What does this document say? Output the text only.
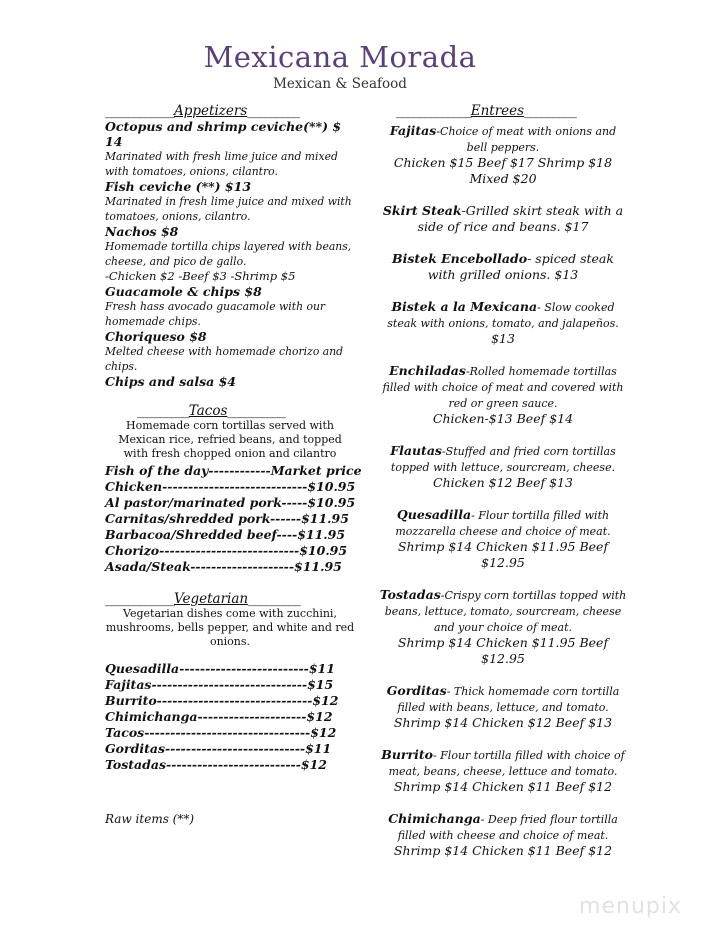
Mexicana Morada
Mexican & Seafood
____________Appetizers_________
Octopus and shrimp ceviche(**) $ 14
Marinated with fresh lime juice and mixed with tomatoes, onions, cilantro.
Fish ceviche (**) $13
Marinated in fresh lime juice and mixed with tomatoes, onions, cilantro.
Nachos $8
Homemade tortilla chips layered with beans, cheese, and pico de gallo.
-Chicken $2 -Beef $3 -Shrimp $5
Guacamole & chips $8
Fresh hass avocado guacamole with our homemade chips.
Choriqueso $8
Melted cheese with homemade chorizo and chips.
Chips and salsa $4
_________Tacos__________
Homemade corn tortillas served with Mexican rice, refried beans, and topped with fresh chopped onion and cilantro
Fish of the day------------Market price
Chicken----------------------------$10.95
Al pastor/marinated pork-----$10.95
Carnitas/shredded pork------$11.95
Barbacoa/Shredded beef----$11.95
Chorizo---------------------------$10.95
Asada/Steak--------------------$11.95
____________Vegetarian_________
Vegetarian dishes come with zucchini, mushrooms, bells pepper, and white and red onions.
Quesadilla-------------------------$11
Fajitas------------------------------$15
Burrito------------------------------$12
Chimichanga---------------------$12
Tacos--------------------------------$12
Gorditas---------------------------$11
Tostadas--------------------------$12
Raw items (**)
_____________Entrees_________
Fajitas-Choice of meat with onions and bell peppers.
Chicken $15 Beef $17 Shrimp $18 Mixed $20
Skirt Steak-Grilled skirt steak with a side of rice and beans. $17
Bistek Encebollado- spiced steak with grilled onions. $13
Bistek a la Mexicana- Slow cooked steak with onions, tomato, and jalapeños.
$13
Enchiladas-Rolled homemade tortillas filled with choice of meat and covered with red or green sauce.
Chicken-$13 Beef $14
Flautas-Stuffed and fried corn tortillas topped with lettuce, sourcream, cheese.
Chicken $12 Beef $13
Quesadilla- Flour tortilla filled with mozzarella cheese and choice of meat.
Shrimp $14 Chicken $11.95 Beef $12.95
Tostadas-Crispy corn tortillas topped with beans, lettuce, tomato, sourcream, cheese and your choice of meat.
Shrimp $14 Chicken $11.95 Beef $12.95
Gorditas- Thick homemade corn tortilla filled with beans, lettuce, and tomato.
Shrimp $14 Chicken $12 Beef $13
Burrito- Flour tortilla filled with choice of meat, beans, cheese, lettuce and tomato.
Shrimp $14 Chicken $11 Beef $12
Chimichanga- Deep fried flour tortilla filled with cheese and choice of meat.
Shrimp $14 Chicken $11 Beef $12
menupix
